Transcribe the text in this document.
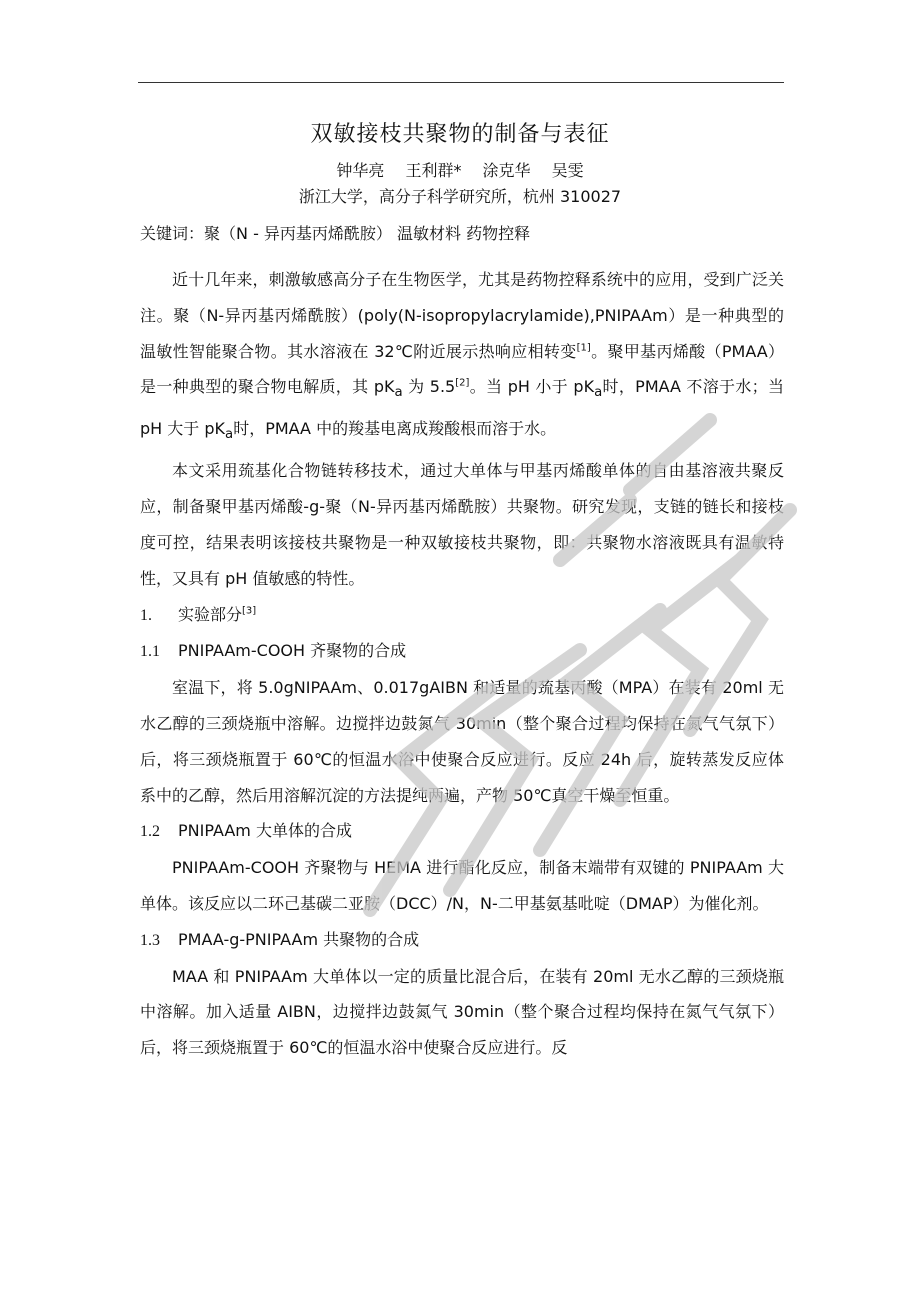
双敏接枝共聚物的制备与表征
钟华亮 王利群* 涂克华 吴雯
浙江大学，高分子科学研究所，杭州 310027
关键词：聚（N - 异丙基丙烯酰胺） 温敏材料 药物控释

近十几年来，刺激敏感高分子在生物医学，尤其是药物控释系统中的应用，受到广泛关注。聚（N-异丙基丙烯酰胺）(poly(N-isopropylacrylamide),PNIPAAm）是一种典型的温敏性智能聚合物。其水溶液在 32℃附近展示热响应相转变[1]。聚甲基丙烯酸（PMAA）是一种典型的聚合物电解质，其 $pK_a$ 为 5.5[2]。当 pH 小于 $pK_a$时，PMAA 不溶于水；当 pH 大于 $pK_a$时，PMAA 中的羧基电离成羧酸根而溶于水。

本文采用巯基化合物链转移技术，通过大单体与甲基丙烯酸单体的自由基溶液共聚反应，制备聚甲基丙烯酸-g-聚（N-异丙基丙烯酰胺）共聚物。研究发现，支链的链长和接枝度可控，结果表明该接枝共聚物是一种双敏接枝共聚物，即：共聚物水溶液既具有温敏特性，又具有 pH 值敏感的特性。

1. 实验部分[3]

1.1 PNIPAAm-COOH 齐聚物的合成

室温下，将 5.0gNIPAAm、0.017gAIBN 和适量的巯基丙酸（MPA）在装有 20ml 无水乙醇的三颈烧瓶中溶解。边搅拌边鼓氮气 30min（整个聚合过程均保持在氮气气氛下）后，将三颈烧瓶置于 60℃的恒温水浴中使聚合反应进行。反应 24h 后，旋转蒸发反应体系中的乙醇，然后用溶解沉淀的方法提纯两遍，产物 50℃真空干燥至恒重。

1.2 PNIPAAm 大单体的合成

PNIPAAm-COOH 齐聚物与 HEMA 进行酯化反应，制备末端带有双键的 PNIPAAm 大单体。该反应以二环己基碳二亚胺（DCC）/N，N-二甲基氨基吡啶（DMAP）为催化剂。

1.3 PMAA-g-PNIPAAm 共聚物的合成

MAA 和 PNIPAAm 大单体以一定的质量比混合后，在装有 20ml 无水乙醇的三颈烧瓶中溶解。加入适量 AIBN，边搅拌边鼓氮气 30min（整个聚合过程均保持在氮气气氛下）后，将三颈烧瓶置于 60℃的恒温水浴中使聚合反应进行。反
